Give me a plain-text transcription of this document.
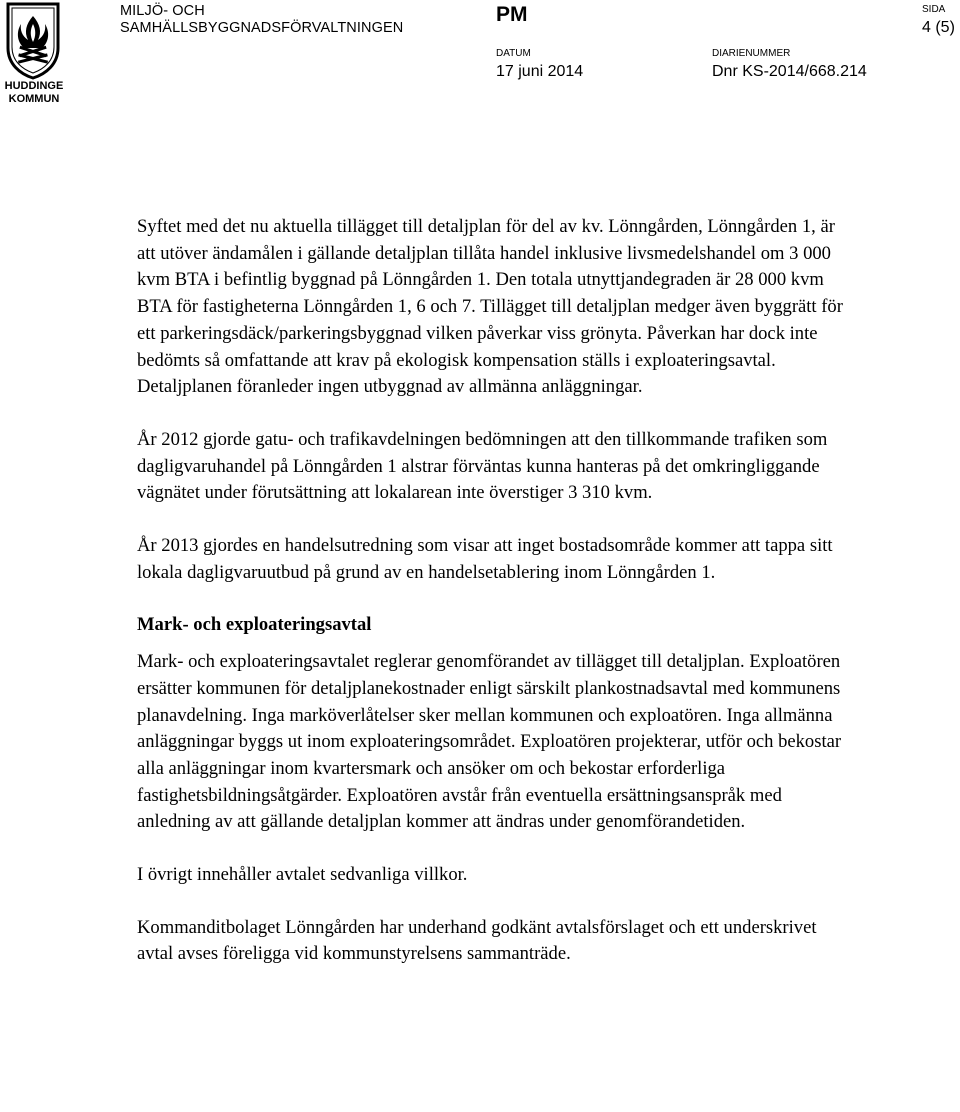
HUDDINGE KOMMUN
MILJÖ- OCH
SAMHÄLLSBYGGNADSFÖRVALTNINGEN
PM	SIDA
4 (5)
DATUM
17 juni 2014
DIARIENUMMER
Dnr KS-2014/668.214

Syftet med det nu aktuella tillägget till detaljplan för del av kv. Lönngården, Lönngården 1, är att utöver ändamålen i gällande detaljplan tillåta handel inklusive livsmedelshandel om 3 000 kvm BTA i befintlig byggnad på Lönngården 1. Den totala utnyttjandegraden är 28 000 kvm BTA för fastigheterna Lönngården 1, 6 och 7. Tillägget till detaljplan medger även byggrätt för ett parkeringsdäck/parkeringsbyggnad vilken påverkar viss grönyta. Påverkan har dock inte bedömts så omfattande att krav på ekologisk kompensation ställs i exploateringsavtal. Detaljplanen föranleder ingen utbyggnad av allmänna anläggningar.

År 2012 gjorde gatu- och trafikavdelningen bedömningen att den tillkommande trafiken som dagligvaruhandel på Lönngården 1 alstrar förväntas kunna hanteras på det omkringliggande vägnätet under förutsättning att lokalarean inte överstiger 3 310 kvm.

År 2013 gjordes en handelsutredning som visar att inget bostadsområde kommer att tappa sitt lokala dagligvaruutbud på grund av en handelsetablering inom Lönngården 1.

Mark- och exploateringsavtal

Mark- och exploateringsavtalet reglerar genomförandet av tillägget till detaljplan. Exploatören ersätter kommunen för detaljplanekostnader enligt särskilt plankostnadsavtal med kommunens planavdelning. Inga marköverlåtelser sker mellan kommunen och exploatören. Inga allmänna anläggningar byggs ut inom exploateringsområdet. Exploatören projekterar, utför och bekostar alla anläggningar inom kvartersmark och ansöker om och bekostar erforderliga fastighetsbildningsåtgärder. Exploatören avstår från eventuella ersättningsanspråk med anledning av att gällande detaljplan kommer att ändras under genomförandetiden.

I övrigt innehåller avtalet sedvanliga villkor.

Kommanditbolaget Lönngården har underhand godkänt avtalsförslaget och ett underskrivet avtal avses föreligga vid kommunstyrelsens sammanträde.
